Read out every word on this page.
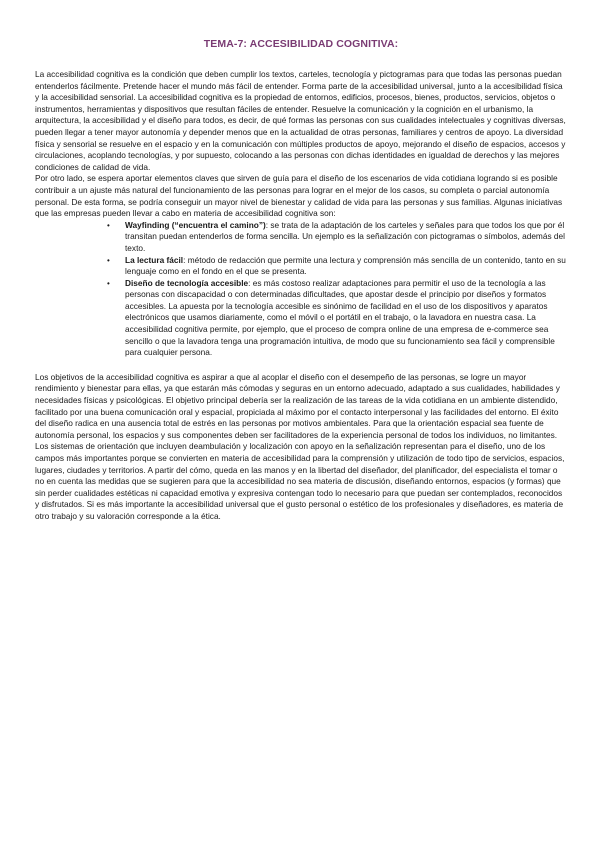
TEMA-7: ACCESIBILIDAD COGNITIVA:

La accesibilidad cognitiva es la condición que deben cumplir los textos, carteles, tecnología y pictogramas para que todas las personas puedan entenderlos fácilmente. Pretende hacer el mundo más fácil de entender. Forma parte de la accesibilidad universal, junto a la accesibilidad física y la accesibilidad sensorial. La accesibilidad cognitiva es la propiedad de entornos, edificios, procesos, bienes, productos, servicios, objetos o instrumentos, herramientas y dispositivos que resultan fáciles de entender. Resuelve la comunicación y la cognición en el urbanismo, la arquitectura, la accesibilidad y el diseño para todos, es decir, de qué formas las personas con sus cualidades intelectuales y cognitivas diversas, pueden llegar a tener mayor autonomía y depender menos que en la actualidad de otras personas, familiares y centros de apoyo. La diversidad física y sensorial se resuelve en el espacio y en la comunicación con múltiples productos de apoyo, mejorando el diseño de espacios, accesos y circulaciones, acoplando tecnologías, y por supuesto, colocando a las personas con dichas identidades en igualdad de derechos y las mejores condiciones de calidad de vida.

Por otro lado, se espera aportar elementos claves que sirven de guía para el diseño de los escenarios de vida cotidiana logrando si es posible contribuir a un ajuste más natural del funcionamiento de las personas para lograr en el mejor de los casos, su completa o parcial autonomía personal. De esta forma, se podría conseguir un mayor nivel de bienestar y calidad de vida para las personas y sus familias. Algunas iniciativas que las empresas pueden llevar a cabo en materia de accesibilidad cognitiva son:

• Wayfinding (“encuentra el camino”): se trata de la adaptación de los carteles y señales para que todos los que por él transitan puedan entenderlos de forma sencilla. Un ejemplo es la señalización con pictogramas o símbolos, además del texto.
• La lectura fácil: método de redacción que permite una lectura y comprensión más sencilla de un contenido, tanto en su lenguaje como en el fondo en el que se presenta.
• Diseño de tecnología accesible: es más costoso realizar adaptaciones para permitir el uso de la tecnología a las personas con discapacidad o con determinadas dificultades, que apostar desde el principio por diseños y formatos accesibles. La apuesta por la tecnología accesible es sinónimo de facilidad en el uso de los dispositivos y aparatos electrónicos que usamos diariamente, como el móvil o el portátil en el trabajo, o la lavadora en nuestra casa. La accesibilidad cognitiva permite, por ejemplo, que el proceso de compra online de una empresa de e-commerce sea sencillo o que la lavadora tenga una programación intuitiva, de modo que su funcionamiento sea fácil y comprensible para cualquier persona.

Los objetivos de la accesibilidad cognitiva es aspirar a que al acoplar el diseño con el desempeño de las personas, se logre un mayor rendimiento y bienestar para ellas, ya que estarán más cómodas y seguras en un entorno adecuado, adaptado a sus cualidades, habilidades y necesidades físicas y psicológicas. El objetivo principal debería ser la realización de las tareas de la vida cotidiana en un ambiente distendido, facilitado por una buena comunicación oral y espacial, propiciada al máximo por el contacto interpersonal y las facilidades del entorno. El éxito del diseño radica en una ausencia total de estrés en las personas por motivos ambientales. Para que la orientación espacial sea fuente de autonomía personal, los espacios y sus componentes deben ser facilitadores de la experiencia personal de todos los individuos, no limitantes. Los sistemas de orientación que incluyen deambulación y localización con apoyo en la señalización representan para el diseño, uno de los campos más importantes porque se convierten en materia de accesibilidad para la comprensión y utilización de todo tipo de servicios, espacios, lugares, ciudades y territorios. A partir del cómo, queda en las manos y en la libertad del diseñador, del planificador, del especialista el tomar o no en cuenta las medidas que se sugieren para que la accesibilidad no sea materia de discusión, diseñando entornos, espacios (y formas) que sin perder cualidades estéticas ni capacidad emotiva y expresiva contengan todo lo necesario para que puedan ser contemplados, reconocidos y disfrutados. Si es más importante la accesibilidad universal que el gusto personal o estético de los profesionales y diseñadores, es materia de otro trabajo y su valoración corresponde a la ética.
